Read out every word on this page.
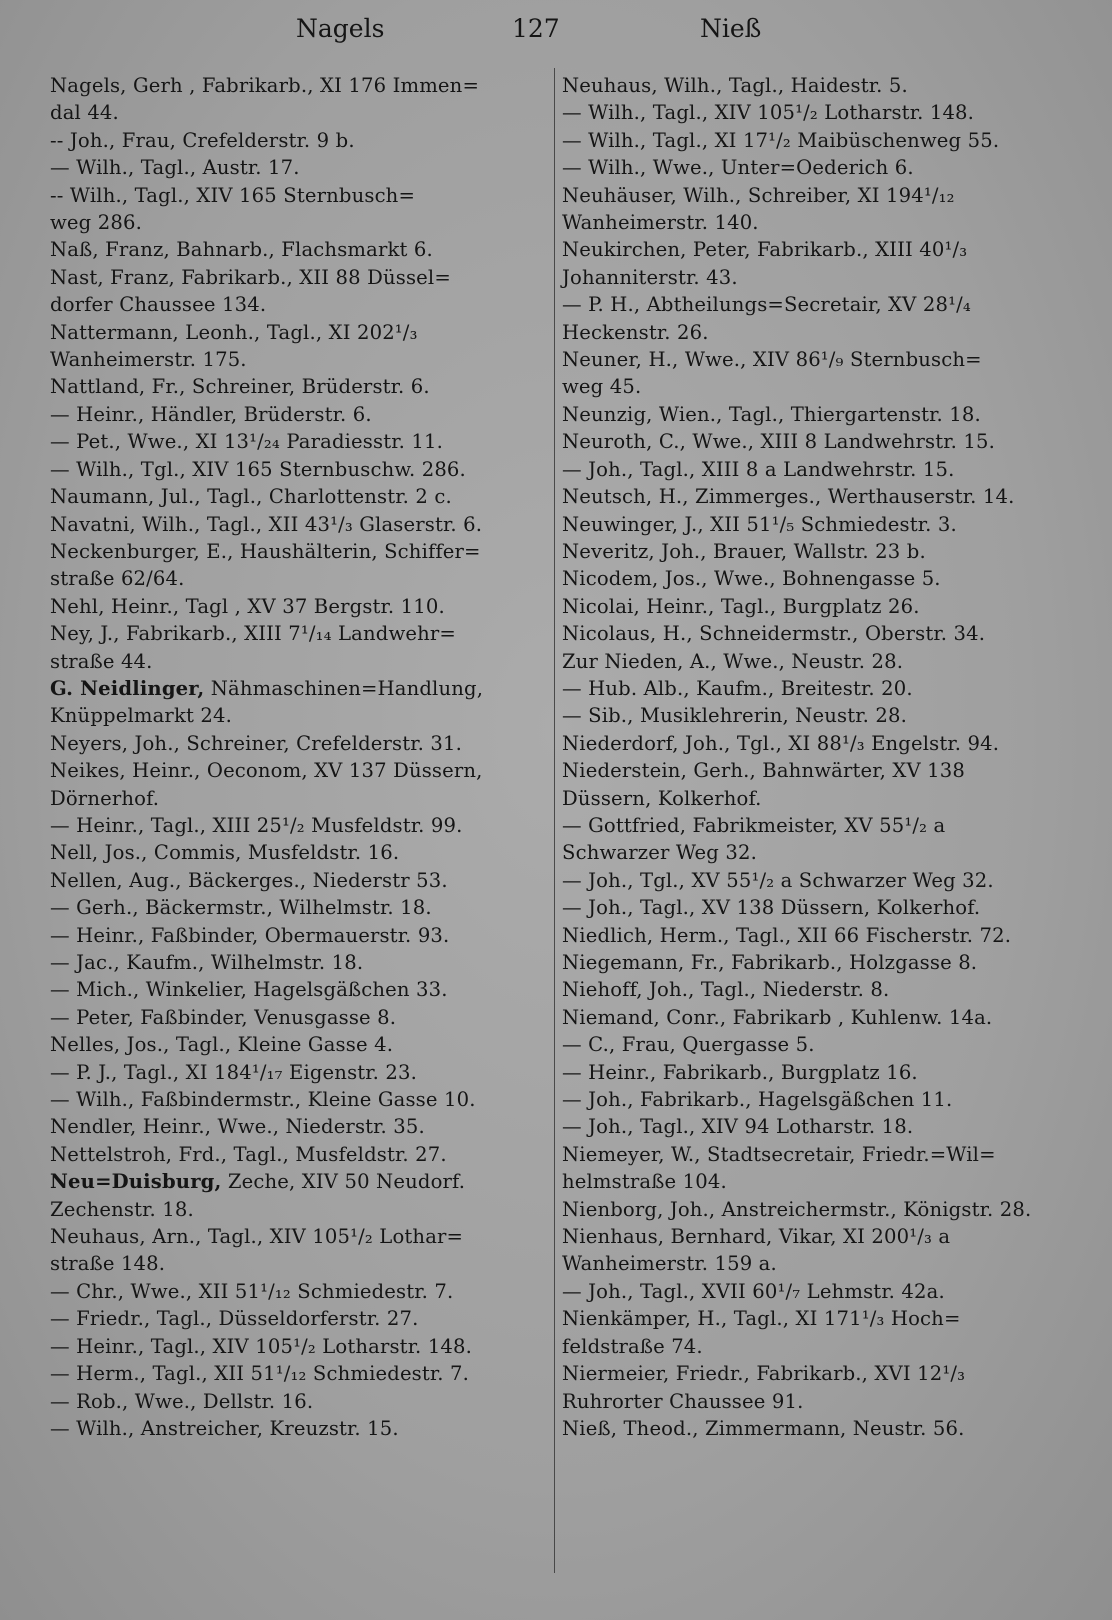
Nagels	127	Nieß
Nagels, Gerh , Fabrikarb., XI 176 Immen=
dal 44.
-- Joh., Frau, Crefelderstr. 9 b.
— Wilh., Tagl., Austr. 17.
-- Wilh., Tagl., XIV 165 Sternbusch=
weg 286.
Naß, Franz, Bahnarb., Flachsmarkt 6.
Nast, Franz, Fabrikarb., XII 88 Düssel=
dorfer Chaussee 134.
Nattermann, Leonh., Tagl., XI 202¹/₃
Wanheimerstr. 175.
Nattland, Fr., Schreiner, Brüderstr. 6.
— Heinr., Händler, Brüderstr. 6.
— Pet., Wwe., XI 13¹/₂₄ Paradiesstr. 11.
— Wilh., Tgl., XIV 165 Sternbuschw. 286.
Naumann, Jul., Tagl., Charlottenstr. 2 c.
Navatni, Wilh., Tagl., XII 43¹/₃ Glaserstr. 6.
Neckenburger, E., Haushälterin, Schiffer=
straße 62/64.
Nehl, Heinr., Tagl , XV 37 Bergstr. 110.
Ney, J., Fabrikarb., XIII 7¹/₁₄ Landwehr=
straße 44.
G. Neidlinger, Nähmaschinen=Handlung,
Knüppelmarkt 24.
Neyers, Joh., Schreiner, Crefelderstr. 31.
Neikes, Heinr., Oeconom, XV 137 Düssern,
Dörnerhof.
— Heinr., Tagl., XIII 25¹/₂ Musfeldstr. 99.
Nell, Jos., Commis, Musfeldstr. 16.
Nellen, Aug., Bäckerges., Niederstr 53.
— Gerh., Bäckermstr., Wilhelmstr. 18.
— Heinr., Faßbinder, Obermauerstr. 93.
— Jac., Kaufm., Wilhelmstr. 18.
— Mich., Winkelier, Hagelsgäßchen 33.
— Peter, Faßbinder, Venusgasse 8.
Nelles, Jos., Tagl., Kleine Gasse 4.
— P. J., Tagl., XI 184¹/₁₇ Eigenstr. 23.
— Wilh., Faßbindermstr., Kleine Gasse 10.
Nendler, Heinr., Wwe., Niederstr. 35.
Nettelstroh, Frd., Tagl., Musfeldstr. 27.
Neu=Duisburg, Zeche, XIV 50 Neudorf.
Zechenstr. 18.
Neuhaus, Arn., Tagl., XIV 105¹/₂ Lothar=
straße 148.
— Chr., Wwe., XII 51¹/₁₂ Schmiedestr. 7.
— Friedr., Tagl., Düsseldorferstr. 27.
— Heinr., Tagl., XIV 105¹/₂ Lotharstr. 148.
— Herm., Tagl., XII 51¹/₁₂ Schmiedestr. 7.
— Rob., Wwe., Dellstr. 16.
— Wilh., Anstreicher, Kreuzstr. 15.
Neuhaus, Wilh., Tagl., Haidestr. 5.
— Wilh., Tagl., XIV 105¹/₂ Lotharstr. 148.
— Wilh., Tagl., XI 17¹/₂ Maibüschenweg 55.
— Wilh., Wwe., Unter=Oederich 6.
Neuhäuser, Wilh., Schreiber, XI 194¹/₁₂
Wanheimerstr. 140.
Neukirchen, Peter, Fabrikarb., XIII 40¹/₃
Johanniterstr. 43.
— P. H., Abtheilungs=Secretair, XV 28¹/₄
Heckenstr. 26.
Neuner, H., Wwe., XIV 86¹/₉ Sternbusch=
weg 45.
Neunzig, Wien., Tagl., Thiergartenstr. 18.
Neuroth, C., Wwe., XIII 8 Landwehrstr. 15.
— Joh., Tagl., XIII 8 a Landwehrstr. 15.
Neutsch, H., Zimmerges., Werthauserstr. 14.
Neuwinger, J., XII 51¹/₅ Schmiedestr. 3.
Neveritz, Joh., Brauer, Wallstr. 23 b.
Nicodem, Jos., Wwe., Bohnengasse 5.
Nicolai, Heinr., Tagl., Burgplatz 26.
Nicolaus, H., Schneidermstr., Oberstr. 34.
Zur Nieden, A., Wwe., Neustr. 28.
— Hub. Alb., Kaufm., Breitestr. 20.
— Sib., Musiklehrerin, Neustr. 28.
Niederdorf, Joh., Tgl., XI 88¹/₃ Engelstr. 94.
Niederstein, Gerh., Bahnwärter, XV 138
Düssern, Kolkerhof.
— Gottfried, Fabrikmeister, XV 55¹/₂ a
Schwarzer Weg 32.
— Joh., Tgl., XV 55¹/₂ a Schwarzer Weg 32.
— Joh., Tagl., XV 138 Düssern, Kolkerhof.
Niedlich, Herm., Tagl., XII 66 Fischerstr. 72.
Niegemann, Fr., Fabrikarb., Holzgasse 8.
Niehoff, Joh., Tagl., Niederstr. 8.
Niemand, Conr., Fabrikarb , Kuhlenw. 14a.
— C., Frau, Quergasse 5.
— Heinr., Fabrikarb., Burgplatz 16.
— Joh., Fabrikarb., Hagelsgäßchen 11.
— Joh., Tagl., XIV 94 Lotharstr. 18.
Niemeyer, W., Stadtsecretair, Friedr.=Wil=
helmstraße 104.
Nienborg, Joh., Anstreichermstr., Königstr. 28.
Nienhaus, Bernhard, Vikar, XI 200¹/₃ a
Wanheimerstr. 159 a.
— Joh., Tagl., XVII 60¹/₇ Lehmstr. 42a.
Nienkämper, H., Tagl., XI 171¹/₃ Hoch=
feldstraße 74.
Niermeier, Friedr., Fabrikarb., XVI 12¹/₃
Ruhrorter Chaussee 91.
Nieß, Theod., Zimmermann, Neustr. 56.
